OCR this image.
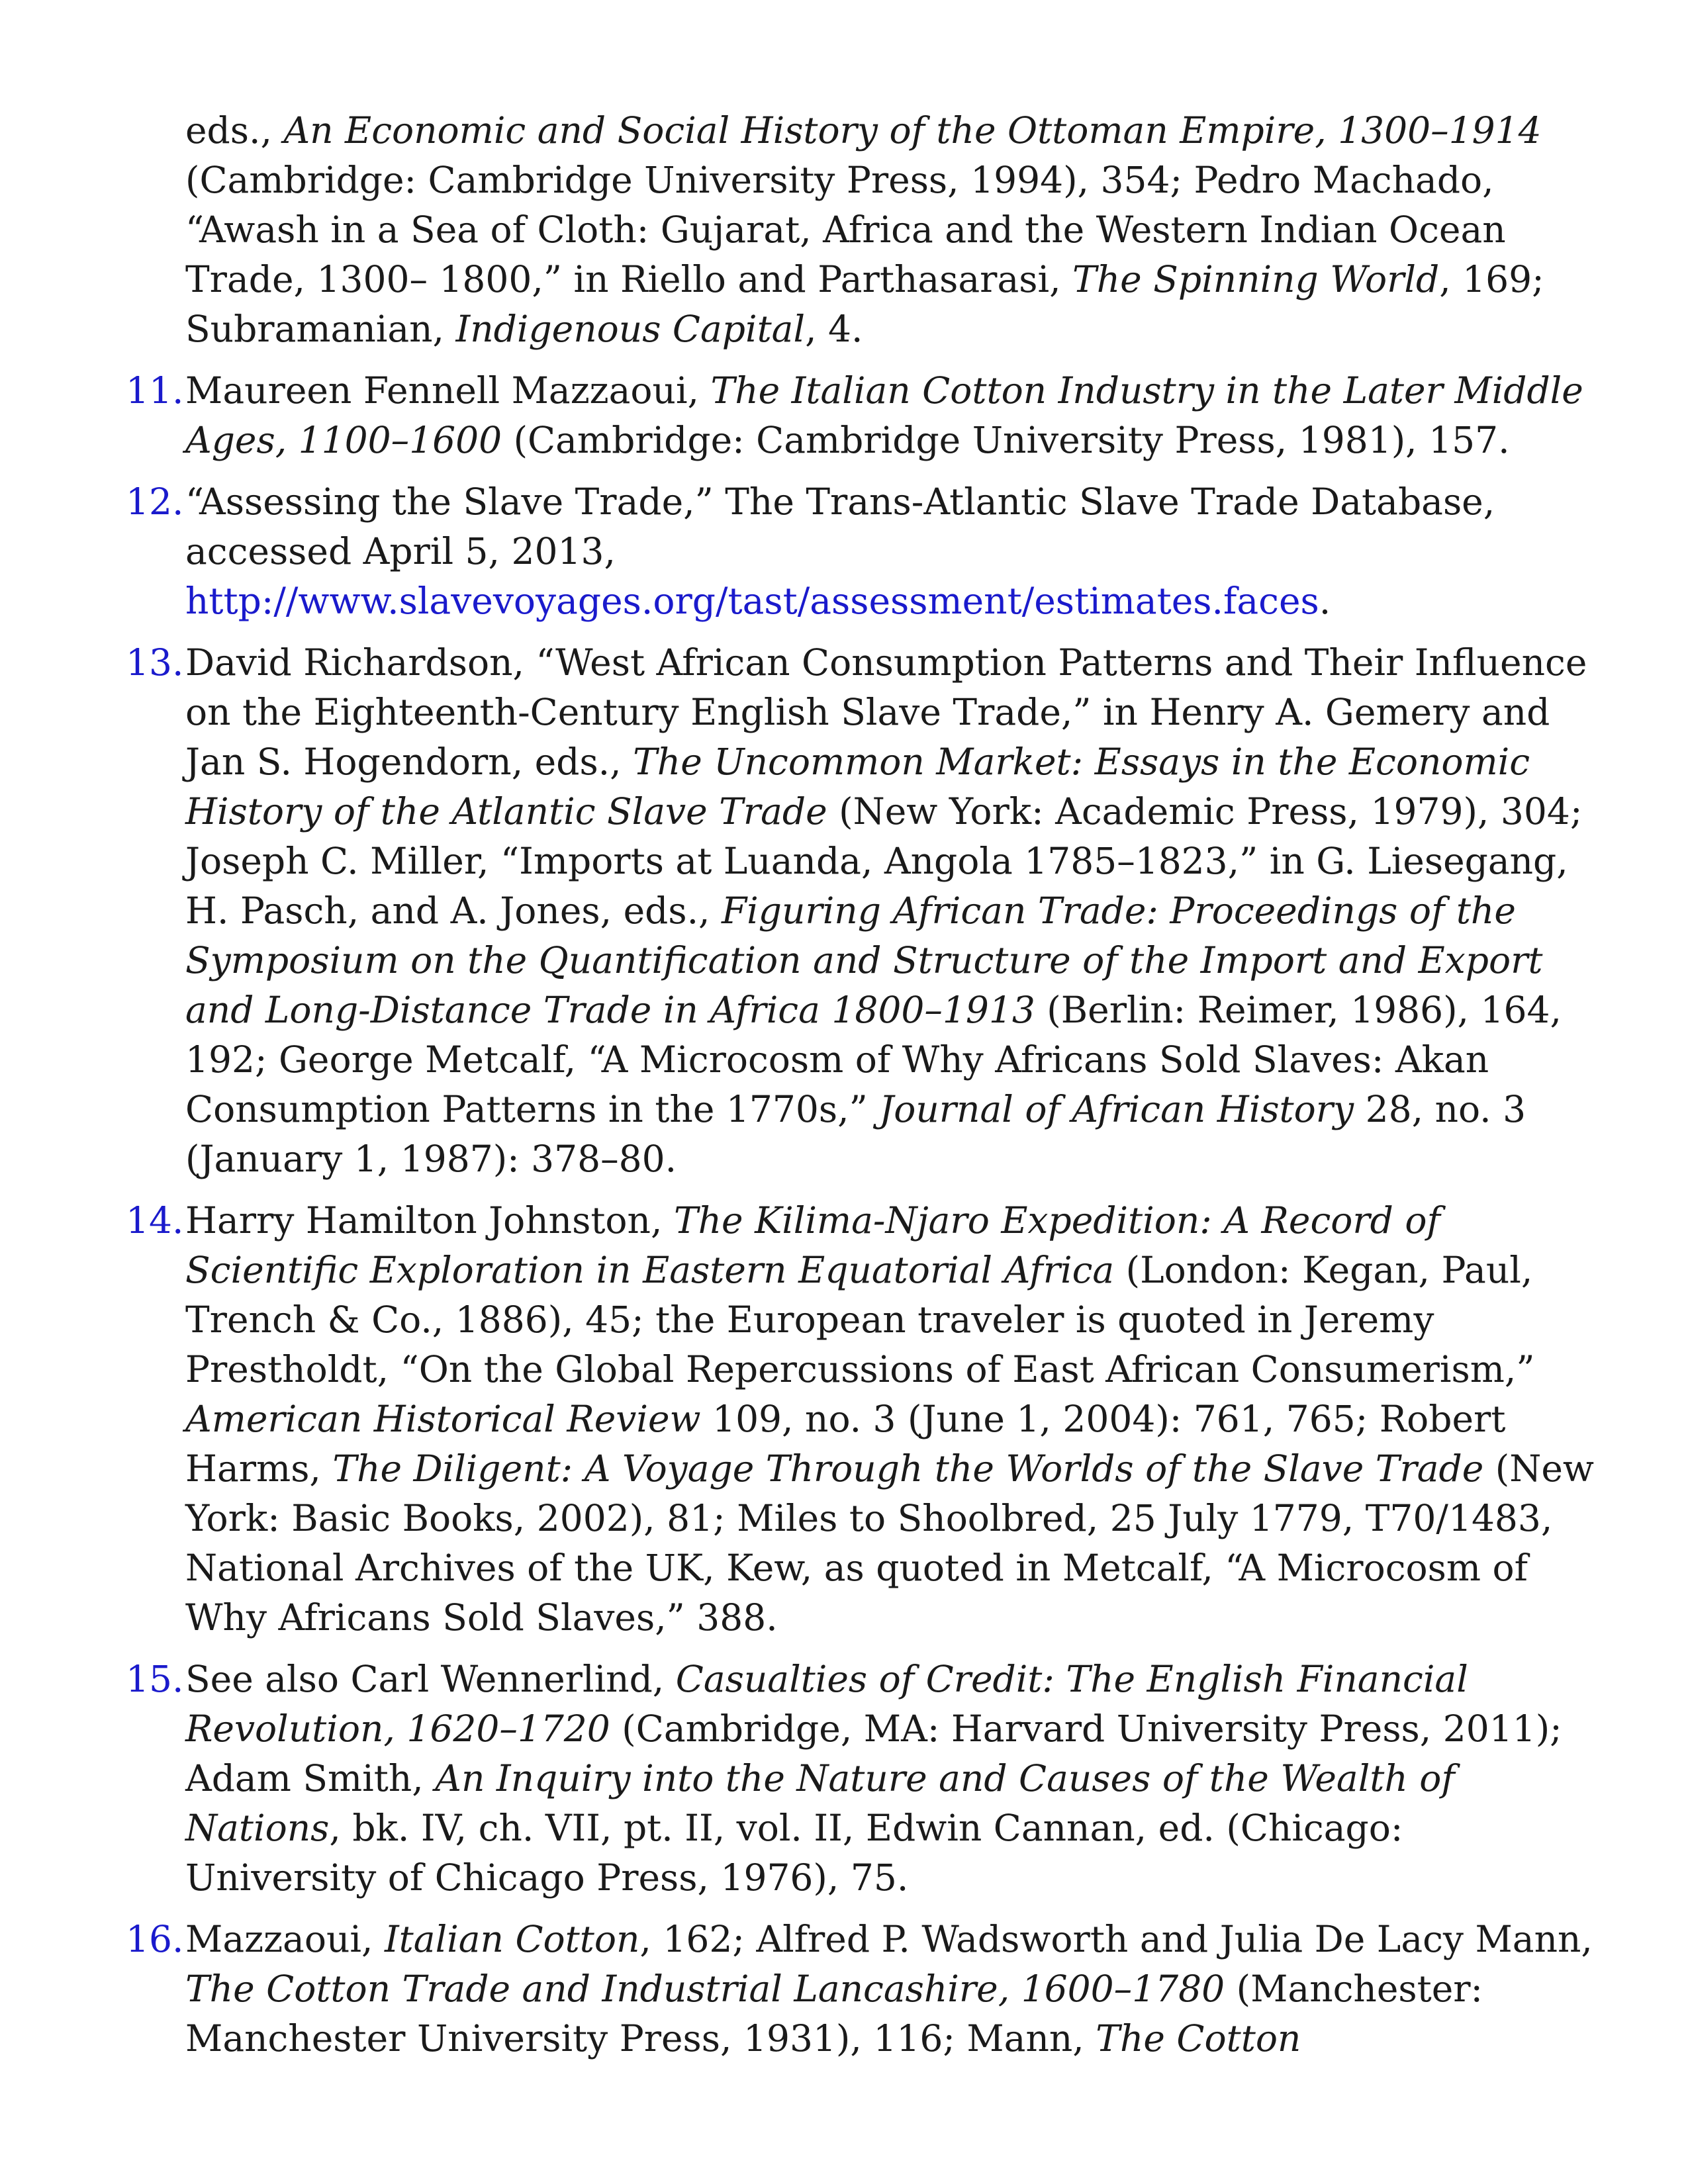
eds., An Economic and Social History of the Ottoman Empire, 1300–1914 (Cambridge: Cambridge University Press, 1994), 354; Pedro Machado, “Awash in a Sea of Cloth: Gujarat, Africa and the Western Indian Ocean Trade, 1300– 1800,” in Riello and Parthasarasi, The Spinning World, 169; Subramanian, Indigenous Capital, 4.
11. Maureen Fennell Mazzaoui, The Italian Cotton Industry in the Later Middle Ages, 1100–1600 (Cambridge: Cambridge University Press, 1981), 157.
12. “Assessing the Slave Trade,” The Trans-Atlantic Slave Trade Database, accessed April 5, 2013, http://www.slavevoyages.org/tast/assessment/estimates.faces.
13. David Richardson, “West African Consumption Patterns and Their Influence on the Eighteenth-Century English Slave Trade,” in Henry A. Gemery and Jan S. Hogendorn, eds., The Uncommon Market: Essays in the Economic History of the Atlantic Slave Trade (New York: Academic Press, 1979), 304; Joseph C. Miller, “Imports at Luanda, Angola 1785–1823,” in G. Liesegang, H. Pasch, and A. Jones, eds., Figuring African Trade: Proceedings of the Symposium on the Quantification and Structure of the Import and Export and Long-Distance Trade in Africa 1800–1913 (Berlin: Reimer, 1986), 164, 192; George Metcalf, “A Microcosm of Why Africans Sold Slaves: Akan Consumption Patterns in the 1770s,” Journal of African History 28, no. 3 (January 1, 1987): 378–80.
14. Harry Hamilton Johnston, The Kilima-Njaro Expedition: A Record of Scientific Exploration in Eastern Equatorial Africa (London: Kegan, Paul, Trench & Co., 1886), 45; the European traveler is quoted in Jeremy Prestholdt, “On the Global Repercussions of East African Consumerism,” American Historical Review 109, no. 3 (June 1, 2004): 761, 765; Robert Harms, The Diligent: A Voyage Through the Worlds of the Slave Trade (New York: Basic Books, 2002), 81; Miles to Shoolbred, 25 July 1779, T70/1483, National Archives of the UK, Kew, as quoted in Metcalf, “A Microcosm of Why Africans Sold Slaves,” 388.
15. See also Carl Wennerlind, Casualties of Credit: The English Financial Revolution, 1620–1720 (Cambridge, MA: Harvard University Press, 2011); Adam Smith, An Inquiry into the Nature and Causes of the Wealth of Nations, bk. IV, ch. VII, pt. II, vol. II, Edwin Cannan, ed. (Chicago: University of Chicago Press, 1976), 75.
16. Mazzaoui, Italian Cotton, 162; Alfred P. Wadsworth and Julia De Lacy Mann, The Cotton Trade and Industrial Lancashire, 1600–1780 (Manchester: Manchester University Press, 1931), 116; Mann, The Cotton
